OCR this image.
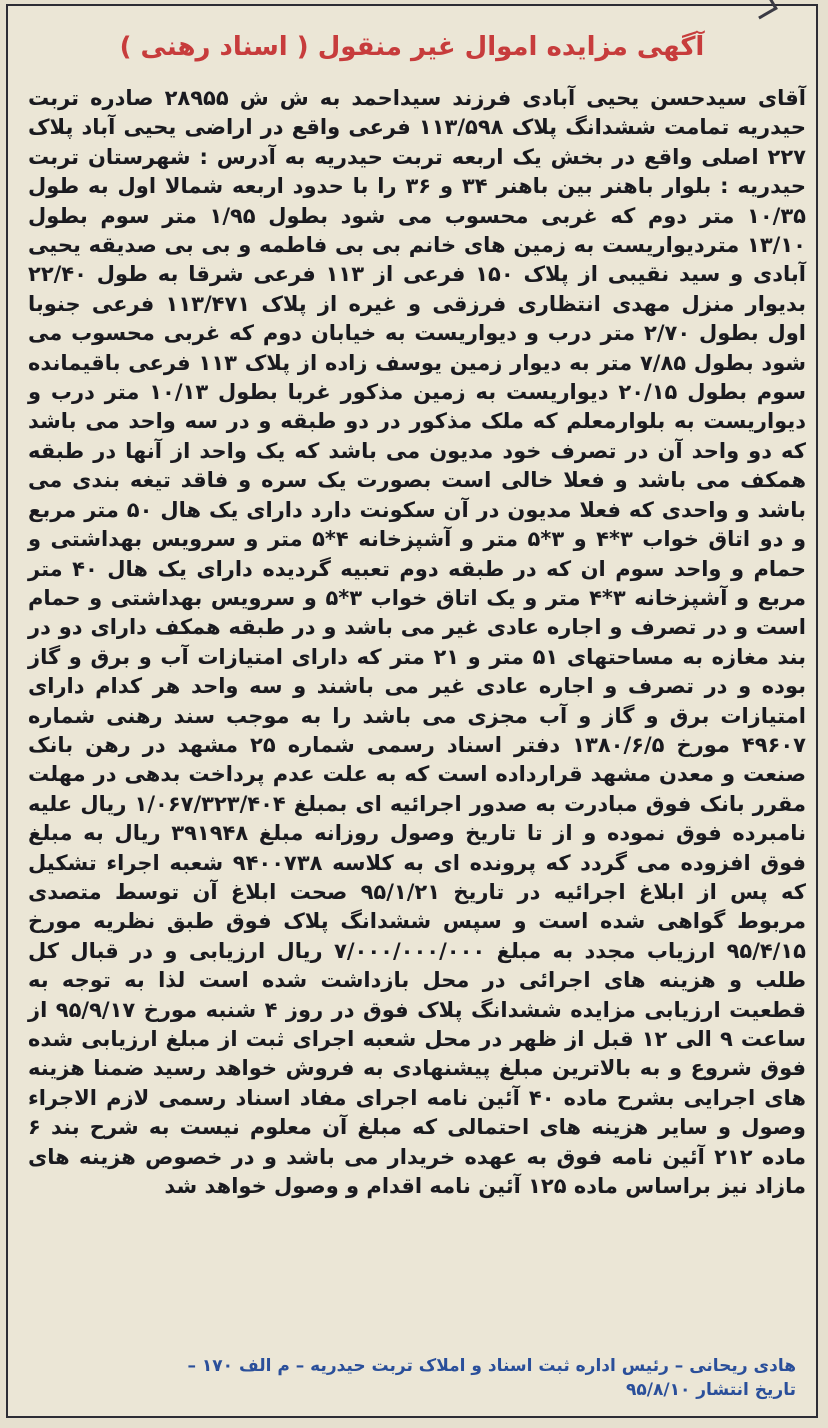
آگهی مزایده اموال غیر منقول ( اسناد رهنی )
آقای سیدحسن یحیی آبادی فرزند سیداحمد به ش ش ۲۸۹۵۵ صادره تربت حیدریه تمامت ششدانگ پلاک ۱۱۳/۵۹۸ فرعی واقع در اراضی یحیی آباد پلاک ۲۲۷ اصلی واقع در بخش یک اربعه تربت حیدریه به آدرس : شهرستان تربت حیدریه : بلوار باهنر بین باهنر ۳۴ و ۳۶ را با حدود اربعه شمالا اول به طول ۱۰/۳۵ متر دوم که غربی محسوب می شود بطول ۱/۹۵ متر سوم بطول ۱۳/۱۰ متردیواریست به زمین های خانم بی بی فاطمه و بی بی صدیقه یحیی آبادی و سید نقیبی از پلاک ۱۵۰ فرعی از ۱۱۳ فرعی شرقا به طول ۲۲/۴۰ بدیوار منزل مهدی انتظاری فرزقی و غیره از پلاک ۱۱۳/۴۷۱ فرعی جنوبا اول بطول ۲/۷۰ متر درب و دیواریست به خیابان دوم که غربی محسوب می شود بطول ۷/۸۵ متر به دیوار زمین یوسف زاده از پلاک ۱۱۳ فرعی باقیمانده سوم بطول ۲۰/۱۵ دیواریست به زمین مذکور غربا بطول ۱۰/۱۳ متر درب و دیواریست به بلوارمعلم که ملک مذکور در دو طبقه و در سه واحد می باشد که دو واحد آن در تصرف خود مدیون می باشد که یک واحد از آنها در طبقه همکف می باشد و فعلا خالی است بصورت یک سره و فاقد تیغه بندی می باشد و واحدی که فعلا مدیون در آن سکونت دارد دارای یک هال ۵۰ متر مربع و دو اتاق خواب ۳*۴ و ۳*۵ متر و آشپزخانه ۴*۵ متر و سرویس بهداشتی و حمام و واحد سوم ان که در طبقه دوم تعبیه گردیده دارای یک هال ۴۰ متر مربع و آشپزخانه ۳*۴ متر و یک اتاق خواب ۳*۵ و سرویس بهداشتی و حمام است و در تصرف و اجاره عادی غیر می باشد و در طبقه همکف دارای دو در بند مغازه به مساحتهای ۵۱ متر و ۲۱ متر که دارای امتیازات آب و برق و گاز بوده و در تصرف و اجاره عادی غیر می باشند و سه واحد هر کدام دارای امتیازات برق و گاز و آب مجزی می باشد را به موجب سند رهنی شماره ۴۹۶۰۷ مورخ ۱۳۸۰/۶/۵ دفتر اسناد رسمی شماره ۲۵ مشهد در رهن بانک صنعت و معدن مشهد قرارداده است که به علت عدم پرداخت بدهی در مهلت مقرر بانک فوق مبادرت به صدور اجرائیه ای بمبلغ ۱/۰۶۷/۳۲۳/۴۰۴ ریال علیه نامبرده فوق نموده و از تا تاریخ وصول روزانه مبلغ ۳۹۱۹۴۸ ریال به مبلغ فوق افزوده می گردد که پرونده ای به کلاسه ۹۴۰۰۷۳۸ شعبه اجراء تشکیل که پس از ابلاغ اجرائیه در تاریخ ۹۵/۱/۲۱ صحت ابلاغ آن توسط متصدی مربوط گواهی شده است و سپس ششدانگ پلاک فوق طبق نظریه مورخ ۹۵/۴/۱۵ ارزیاب مجدد به مبلغ ۷/۰۰۰/۰۰۰/۰۰۰ ریال ارزیابی و در قبال کل طلب و هزینه های اجرائی در محل بازداشت شده است لذا به توجه به قطعیت ارزیابی مزایده ششدانگ پلاک فوق در روز ۴ شنبه مورخ ۹۵/۹/۱۷ از ساعت ۹ الی ۱۲ قبل از ظهر در محل شعبه اجرای ثبت از مبلغ ارزیابی شده فوق شروع و به بالاترین مبلغ پیشنهادی به فروش خواهد رسید ضمنا هزینه های اجرایی بشرح ماده ۴۰ آئین نامه اجرای مفاد اسناد رسمی لازم الاجراء وصول و سایر هزینه های احتمالی که مبلغ آن معلوم نیست به شرح بند ۶ ماده ۲۱۲ آئین نامه فوق به عهده خریدار می باشد و در خصوص هزینه های مازاد نیز براساس ماده ۱۲۵ آئین نامه اقدام و وصول خواهد شد
هادی ریحانی – رئیس اداره ثبت اسناد و املاک تربت حیدریه – م الف ۱۷۰ –
تاریخ انتشار ۹۵/۸/۱۰
